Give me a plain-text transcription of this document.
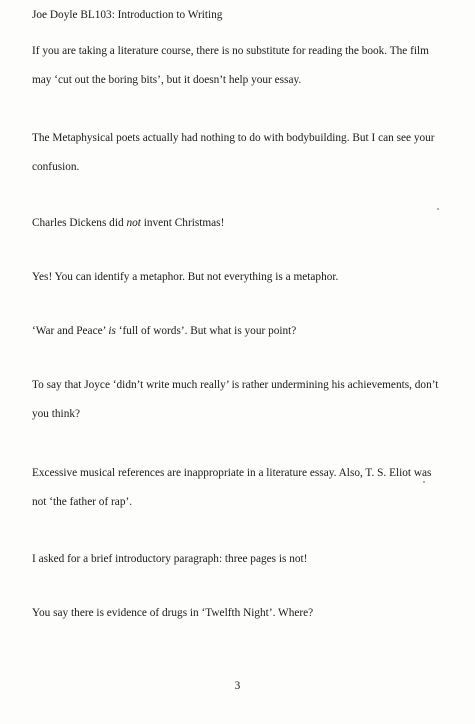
Joe Doyle BL103: Introduction to Writing

If you are taking a literature course, there is no substitute for reading the book. The film
may ‘cut out the boring bits’, but it doesn’t help your essay.

The Metaphysical poets actually had nothing to do with bodybuilding. But I can see your
confusion.

Charles Dickens did not invent Christmas!

Yes! You can identify a metaphor. But not everything is a metaphor.

‘War and Peace’ is ‘full of words’. But what is your point?

To say that Joyce ‘didn’t write much really’ is rather undermining his achievements, don’t
you think?

Excessive musical references are inappropriate in a literature essay. Also, T. S. Eliot was
not ‘the father of rap’.

I asked for a brief introductory paragraph: three pages is not!

You say there is evidence of drugs in ‘Twelfth Night’. Where?

3
